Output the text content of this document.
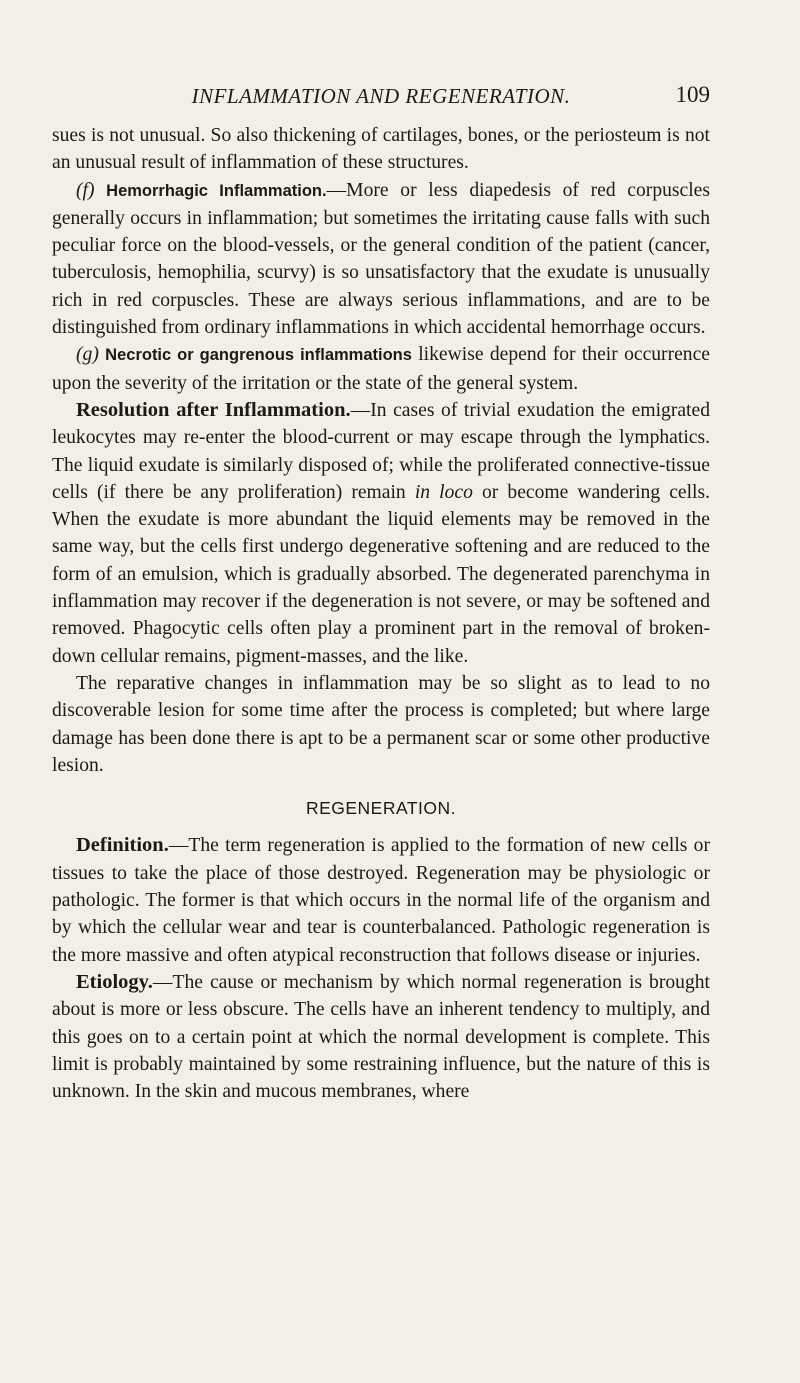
INFLAMMATION AND REGENERATION.	109

sues is not unusual. So also thickening of cartilages, bones, or the periosteum is not an unusual result of inflammation of these structures.

(f) Hemorrhagic Inflammation.—More or less diapedesis of red corpuscles generally occurs in inflammation; but sometimes the irritating cause falls with such peculiar force on the blood-vessels, or the general condition of the patient (cancer, tuberculosis, hemophilia, scurvy) is so unsatisfactory that the exudate is unusually rich in red corpuscles. These are always serious inflammations, and are to be distinguished from ordinary inflammations in which accidental hemorrhage occurs.

(g) Necrotic or gangrenous inflammations likewise depend for their occurrence upon the severity of the irritation or the state of the general system.

Resolution after Inflammation.—In cases of trivial exudation the emigrated leukocytes may re-enter the blood-current or may escape through the lymphatics. The liquid exudate is similarly disposed of; while the proliferated connective-tissue cells (if there be any proliferation) remain in loco or become wandering cells. When the exudate is more abundant the liquid elements may be removed in the same way, but the cells first undergo degenerative softening and are reduced to the form of an emulsion, which is gradually absorbed. The degenerated parenchyma in inflammation may recover if the degeneration is not severe, or may be softened and removed. Phagocytic cells often play a prominent part in the removal of broken-down cellular remains, pigment-masses, and the like.

The reparative changes in inflammation may be so slight as to lead to no discoverable lesion for some time after the process is completed; but where large damage has been done there is apt to be a permanent scar or some other productive lesion.

REGENERATION.

Definition.—The term regeneration is applied to the formation of new cells or tissues to take the place of those destroyed. Regeneration may be physiologic or pathologic. The former is that which occurs in the normal life of the organism and by which the cellular wear and tear is counterbalanced. Pathologic regeneration is the more massive and often atypical reconstruction that follows disease or injuries.

Etiology.—The cause or mechanism by which normal regeneration is brought about is more or less obscure. The cells have an inherent tendency to multiply, and this goes on to a certain point at which the normal development is complete. This limit is probably maintained by some restraining influence, but the nature of this is unknown. In the skin and mucous membranes, where
